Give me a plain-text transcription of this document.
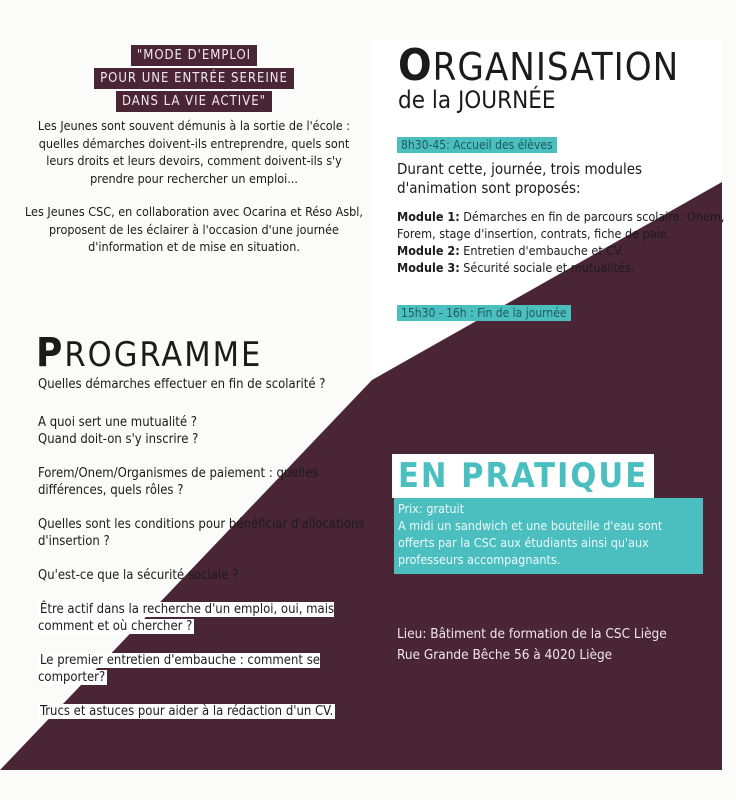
"MODE D'EMPLOI
POUR UNE ENTRÉE SEREINE
DANS LA VIE ACTIVE"

Les Jeunes sont souvent démunis à la sortie de l'école : quelles démarches doivent-ils entreprendre, quels sont leurs droits et leurs devoirs, comment doivent-ils s'y prendre pour rechercher un emploi...

Les Jeunes CSC, en collaboration avec Ocarina et Réso Asbl, proposent de les éclairer à l'occasion d'une journée d'information et de mise en situation.

PROGRAMME

Quelles démarches effectuer en fin de scolarité ?

A quoi sert une mutualité ?
Quand doit-on s'y inscrire ?

Forem/Onem/Organismes de paiement : quelles différences, quels rôles ?

Quelles sont les conditions pour bénéficiar d'allocations d'insertion ?

Qu'est-ce que la sécurité sociale ?

Être actif dans la recherche d'un emploi, oui, mais comment et où chercher ?

Le premier entretien d'embauche : comment se comporter?

Trucs et astuces pour aider à la rédaction d'un CV.

ORGANISATION
de la JOURNÉE
8h30-45: Accueil des élèves
Durant cette, journée, trois modules d'animation sont proposés:

Module 1: Démarches en fin de parcours scolaire: Onem, Forem, stage d'insertion, contrats, fiche de paie.

Module 2: Entretien d'embauche et CV.

Module 3: Sécurité sociale et mutualités.

15h30 - 16h : Fin de la journée
EN PRATIQUE
Prix: gratuit
A midi un sandwich et une bouteille d'eau sont offerts par la CSC aux étudiants ainsi qu'aux professeurs accompagnants.
Lieu: Bâtiment de formation de la CSC Liège
Rue Grande Bêche 56 à 4020 Liège
